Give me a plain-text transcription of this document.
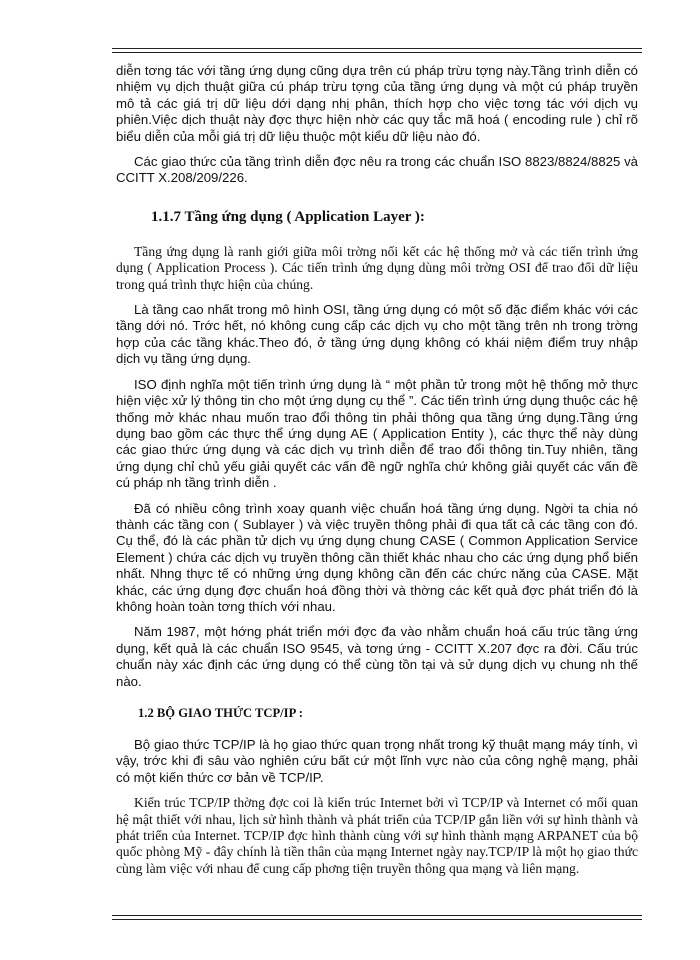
diễn tơng tác với tầng ứng dụng cũng dựa trên cú pháp trừu tợng này.Tầng trình diễn có nhiệm vụ dịch thuật giữa cú pháp trừu tợng của tầng ứng dụng và một cú pháp truyền mô tả các giá trị dữ liệu dới dạng nhị phân, thích hợp cho việc tơng tác với dịch vụ phiên.Việc dịch thuật này đợc thực hiện nhờ các quy tắc mã hoá ( encoding rule ) chỉ rõ biểu diễn của mỗi giá trị dữ liệu thuộc một kiểu dữ liệu nào đó.

Các giao thức của tầng trình diễn đợc nêu ra trong các chuẩn ISO 8823/8824/8825 và CCITT X.208/209/226.

1.1.7 Tầng ứng dụng ( Application Layer ):

Tầng ứng dụng là ranh giới giữa môi trờng nối kết các hệ thống mở và các tiến trình ứng dụng ( Application Process ). Các tiến trình ứng dụng dùng môi trờng OSI để trao đổi dữ liệu trong quá trình thực hiện của chúng.

Là tầng cao nhất trong mô hình OSI, tầng ứng dụng có một số đặc điểm khác với các tầng dới nó. Trớc hết, nó không cung cấp các dịch vụ cho một tầng trên nh trong trờng hợp của các tầng khác.Theo đó, ở tầng ứng dụng không có khái niệm điểm truy nhập dịch vụ tầng ứng dụng.

ISO định nghĩa một tiến trình ứng dụng là “ một phần tử trong một hệ thống mở thực hiện việc xử lý thông tin cho một ứng dụng cụ thể ”. Các tiến trình ứng dụng thuộc các hệ thống mở khác nhau muốn trao đổi thông tin phải thông qua tầng ứng dụng.Tầng ứng dụng bao gồm các thực thể ứng dụng AE ( Application Entity ), các thực thể này dùng các giao thức ứng dụng và các dịch vụ trình diễn để trao đổi thông tin.Tuy nhiên, tầng ứng dụng chỉ chủ yếu giải quyết các vấn đề ngữ nghĩa chứ không giải quyết các vấn đề cú pháp nh tầng trình diễn .

Đã có nhiều công trình xoay quanh việc chuẩn hoá tầng ứng dụng. Ngời ta chia nó thành các tầng con ( Sublayer ) và việc truyền thông phải đi qua tất cả các tầng con đó. Cụ thể, đó là các phần tử dịch vụ ứng dụng chung CASE ( Common Application Service Element ) chứa các dịch vụ truyền thông cần thiết khác nhau cho các ứng dụng phổ biến nhất. Nhng thực tế có những ứng dụng không cần đến các chức năng của CASE. Mặt khác, các ứng dụng đợc chuẩn hoá đồng thời và thờng các kết quả đợc phát triển đó là không hoàn toàn tơng thích với nhau.

Năm 1987, một hớng phát triển mới đợc đa vào nhằm chuẩn hoá cấu trúc tầng ứng dụng, kết quả là các chuẩn ISO 9545, và tơng ứng - CCITT X.207 đợc ra đời. Cấu trúc chuẩn này xác định các ứng dụng có thể cùng tồn tại và sử dụng dịch vụ chung nh thế nào.

1.2 BỘ GIAO THỨC TCP/IP :

Bộ giao thức TCP/IP là họ giao thức quan trọng nhất trong kỹ thuật mạng máy tính, vì vậy, trớc khi đi sâu vào nghiên cứu bất cứ một lĩnh vực nào của công nghệ mạng, phải có một kiến thức cơ bản về TCP/IP.

Kiến trúc TCP/IP thờng đợc coi là kiến trúc Internet bởi vì TCP/IP và Internet có mối quan hệ mật thiết với nhau, lịch sử hình thành và phát triển của TCP/IP gắn liền với sự hình thành và phát triển của Internet. TCP/IP đợc hình thành cùng với sự hình thành mạng ARPANET của bộ quốc phòng Mỹ - đây chính là tiền thân của mạng Internet ngày nay.TCP/IP là một họ giao thức cùng làm việc với nhau để cung cấp phơng tiện truyền thông qua mạng và liên mạng.
